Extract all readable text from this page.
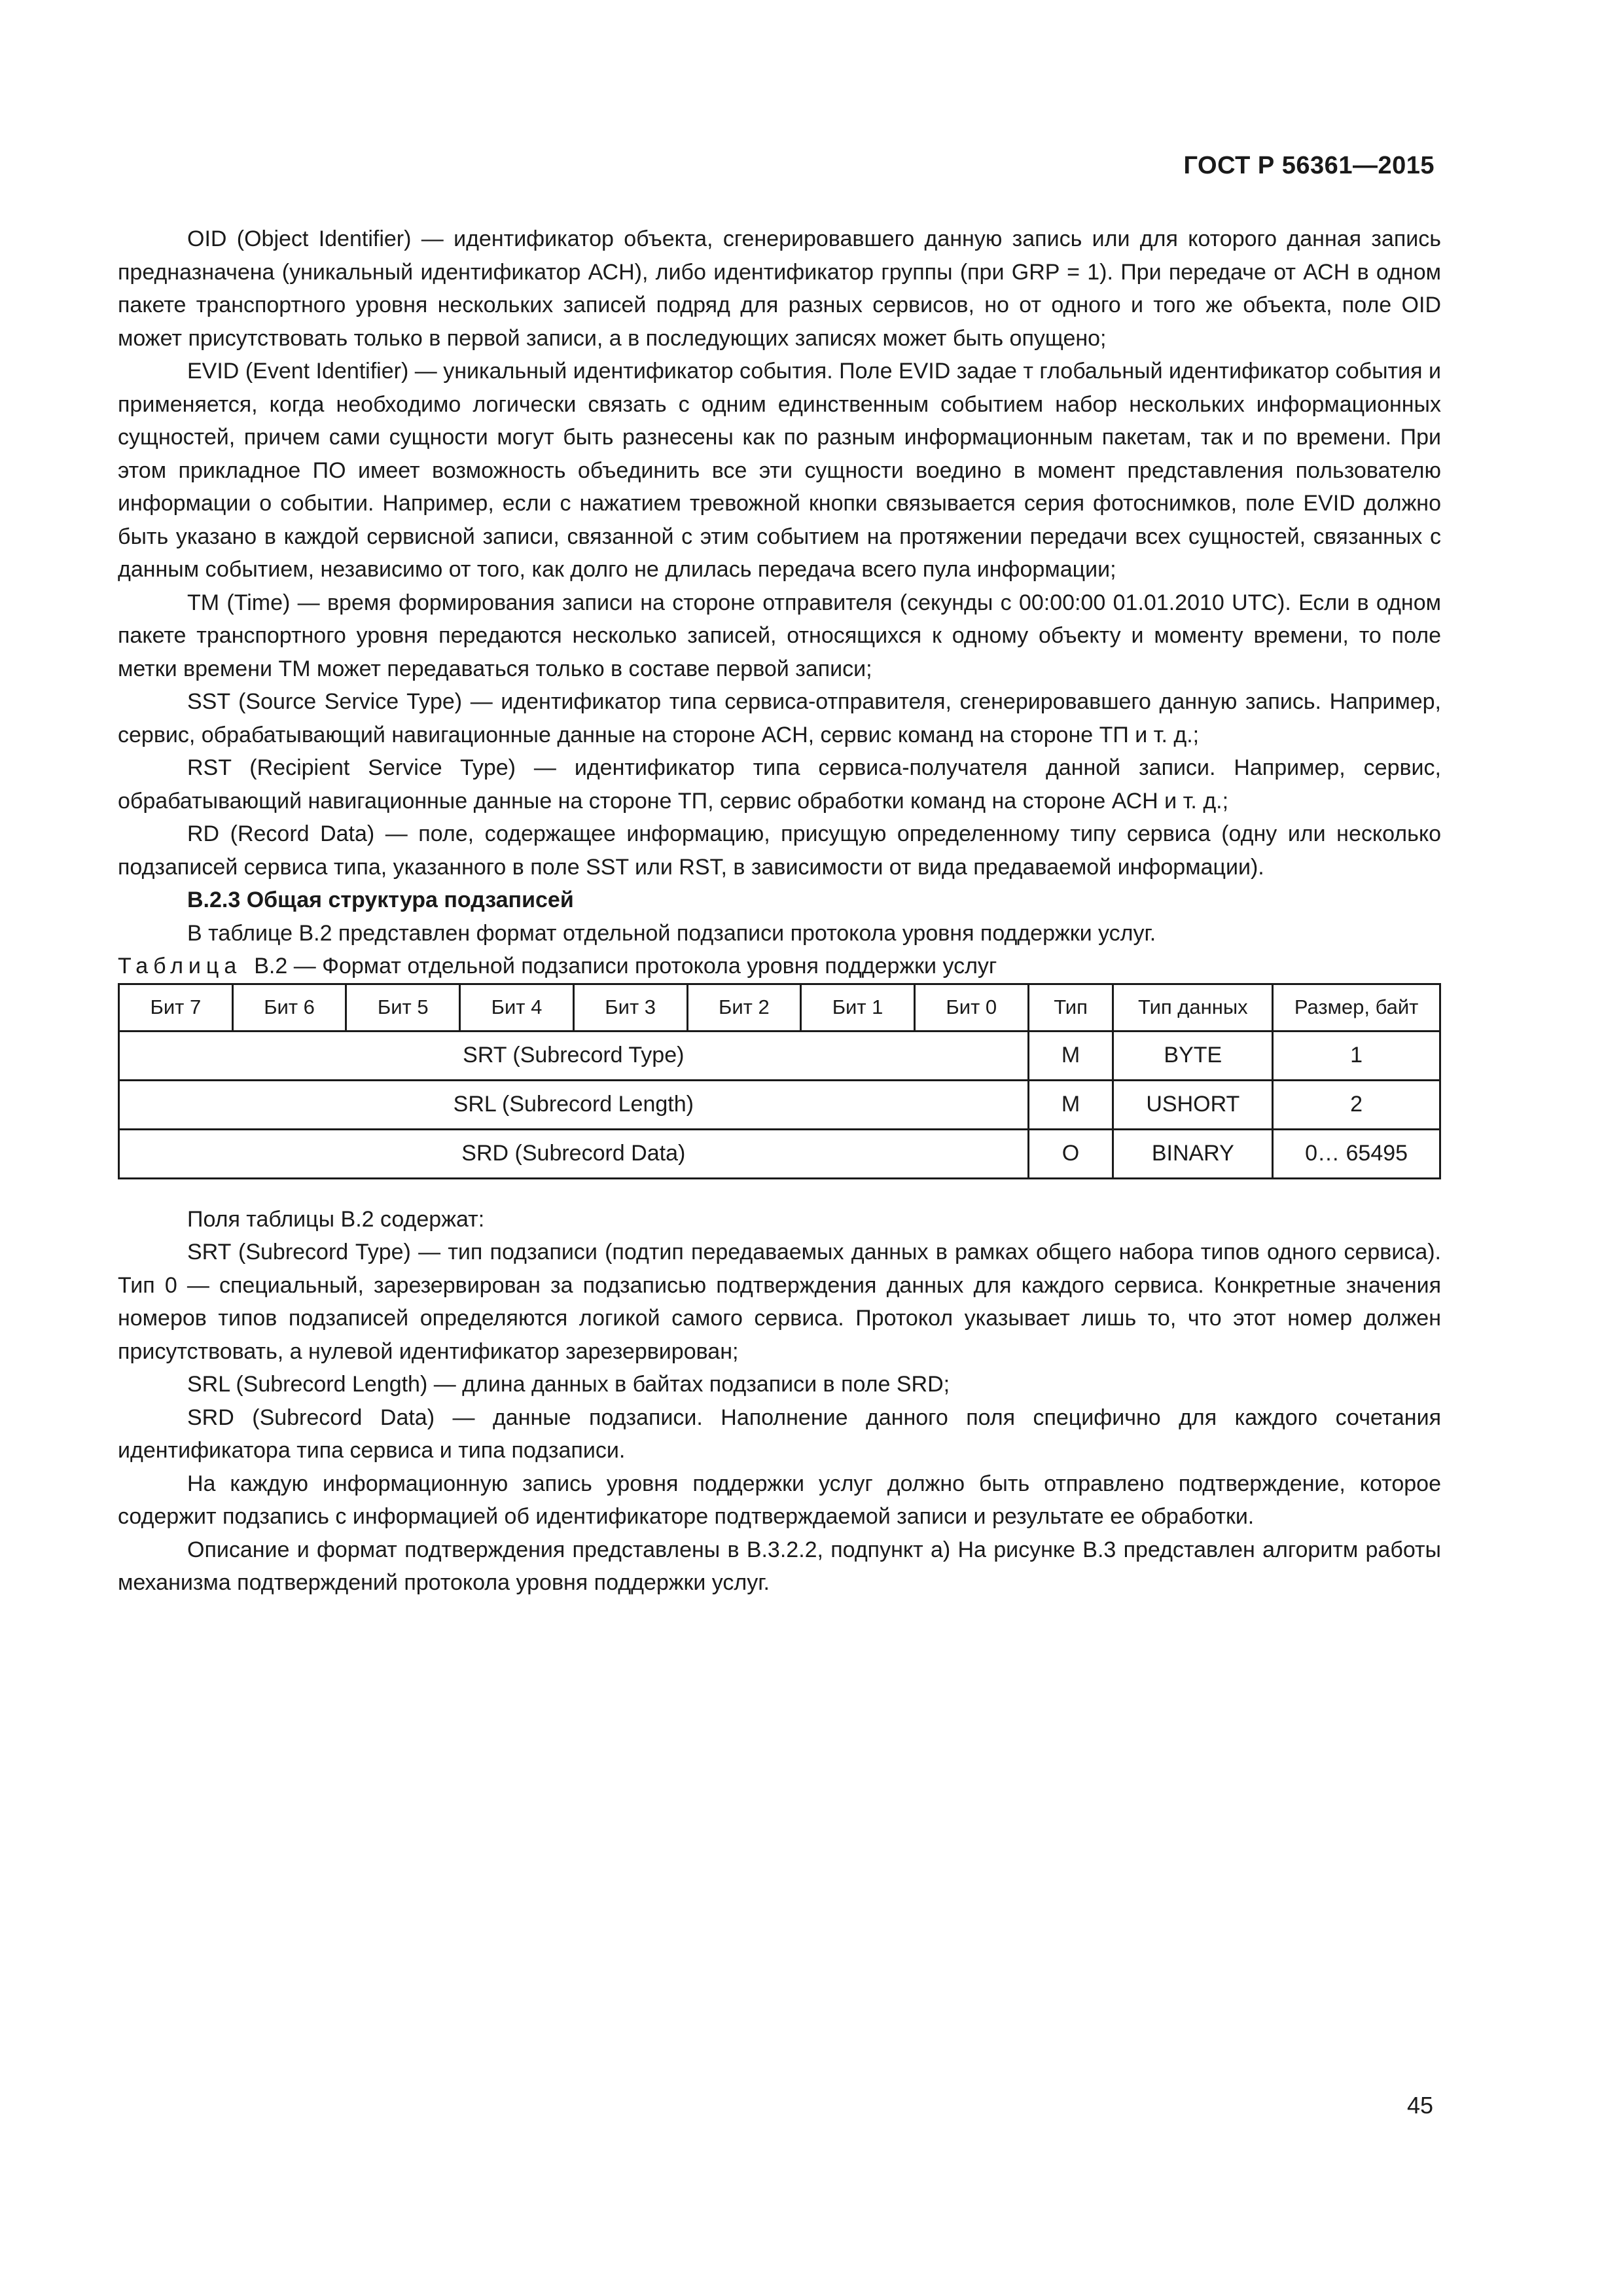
ГОСТ Р 56361—2015

OID (Object Identifier) — идентификатор объекта, сгенерировавшего данную запись или для которого данная запись предназначена (уникальный идентификатор АСН), либо идентификатор группы (при GRP = 1). При передаче от АСН в одном пакете транспортного уровня нескольких записей подряд для разных сервисов, но от одного и того же объекта, поле OID может присутствовать только в первой записи, а в последующих записях может быть опущено;

EVID (Event Identifier) — уникальный идентификатор события. Поле EVID задае т глобальный идентификатор события и применяется, когда необходимо логически связать с одним единственным событием набор нескольких информационных сущностей, причем сами сущности могут быть разнесены как по разным информационным пакетам, так и по времени. При этом прикладное ПО имеет возможность объединить все эти сущности воедино в момент представления пользователю информации о событии. Например, если с нажатием тревожной кнопки связывается серия фотоснимков, поле EVID должно быть указано в каждой сервисной записи, связанной с этим событием на протяжении передачи всех сущностей, связанных с данным событием, независимо от того, как долго не длилась передача всего пула информации;

TM (Time) — время формирования записи на стороне отправителя (секунды с 00:00:00 01.01.2010 UTC). Если в одном пакете транспортного уровня передаются несколько записей, относящихся к одному объекту и моменту времени, то поле метки времени TM может передаваться только в составе первой записи;

SST (Source Service Type) — идентификатор типа сервиса-отправителя, сгенерировавшего данную запись. Например, сервис, обрабатывающий навигационные данные на стороне АСН, сервис команд на стороне ТП и т. д.;

RST (Recipient Service Type) — идентификатор типа сервиса-получателя данной записи. Например, сервис, обрабатывающий навигационные данные на стороне ТП, сервис обработки команд на стороне АСН и т. д.;

RD (Record Data) — поле, содержащее информацию, присущую определенному типу сервиса (одну или несколько подзаписей сервиса типа, указанного в поле SST или RST, в зависимости от вида предаваемой информации).

В.2.3 Общая структура подзаписей

В таблице В.2 представлен формат отдельной подзаписи протокола уровня поддержки услуг.

Таблица В.2 — Формат отдельной подзаписи протокола уровня поддержки услуг

Бит 7	Бит 6	Бит 5	Бит 4	Бит 3	Бит 2	Бит 1	Бит 0	Тип	Тип данных	Размер, байт
SRT (Subrecord Type)								M	BYTE	1
SRL (Subrecord Length)								M	USHORT	2
SRD (Subrecord Data)								O	BINARY	0… 65495

Поля таблицы В.2 содержат:

SRT (Subrecord Type) — тип подзаписи (подтип передаваемых данных в рамках общего набора типов одного сервиса). Тип 0 — специальный, зарезервирован за подзаписью подтверждения данных для каждого сервиса. Конкретные значения номеров типов подзаписей определяются логикой самого сервиса. Протокол указывает лишь то, что этот номер должен присутствовать, а нулевой идентификатор зарезервирован;

SRL (Subrecord Length) — длина данных в байтах подзаписи в поле SRD;

SRD (Subrecord Data) — данные подзаписи. Наполнение данного поля специфично для каждого сочетания идентификатора типа сервиса и типа подзаписи.

На каждую информационную запись уровня поддержки услуг должно быть отправлено подтверждение, которое содержит подзапись с информацией об идентификаторе подтверждаемой записи и результате ее обработки.

Описание и формат подтверждения представлены в В.3.2.2, подпункт а) На рисунке В.3 представлен алгоритм работы механизма подтверждений протокола уровня поддержки услуг.

45
